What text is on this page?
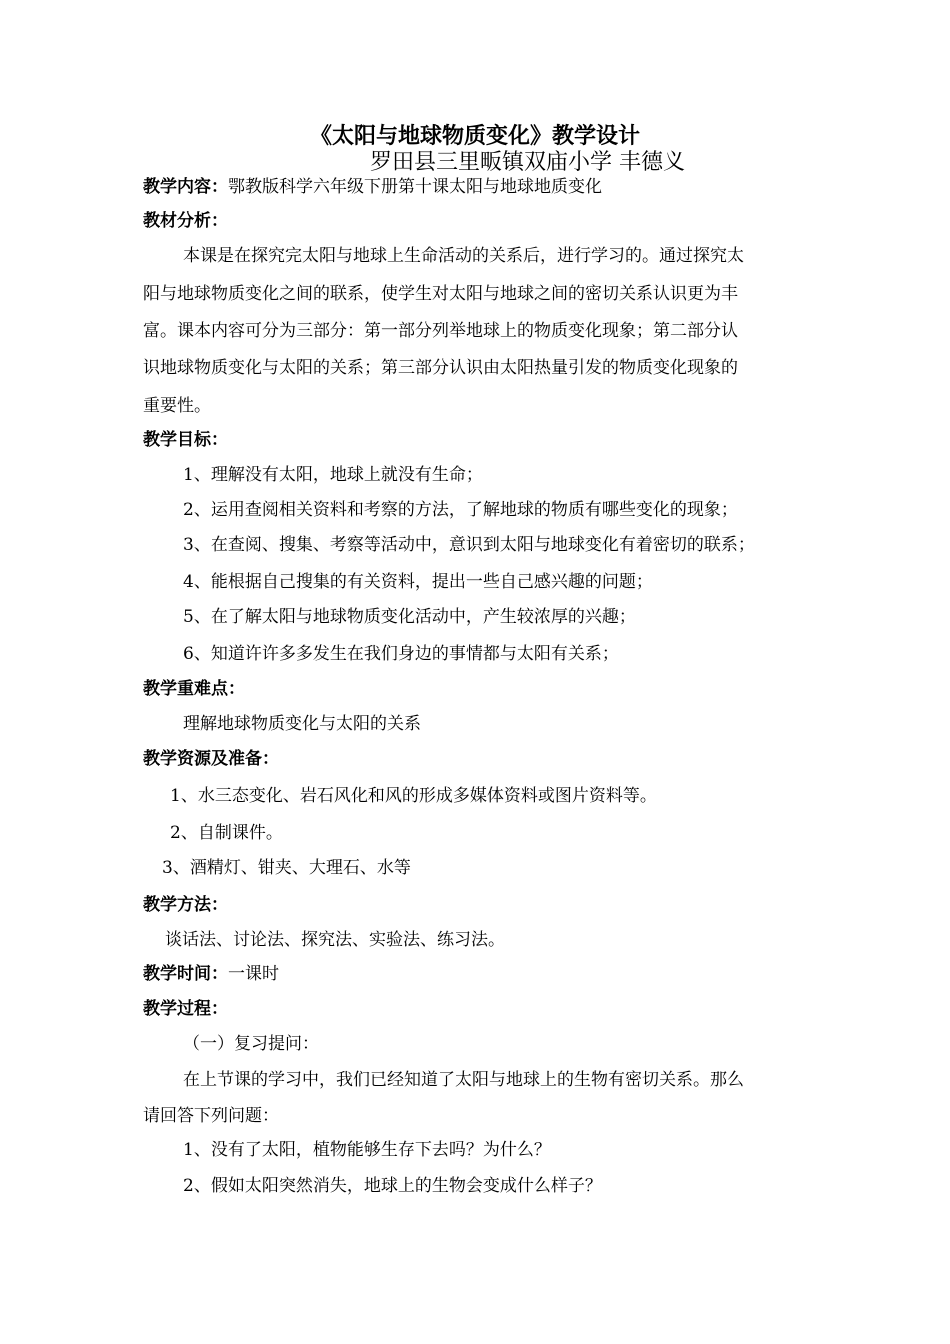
《太阳与地球物质变化》教学设计
罗田县三里畈镇双庙小学 丰德义
教学内容：鄂教版科学六年级下册第十课太阳与地球地质变化
教材分析：
本课是在探究完太阳与地球上生命活动的关系后，进行学习的。通过探究太
阳与地球物质变化之间的联系，使学生对太阳与地球之间的密切关系认识更为丰
富。课本内容可分为三部分：第一部分列举地球上的物质变化现象；第二部分认
识地球物质变化与太阳的关系；第三部分认识由太阳热量引发的物质变化现象的
重要性。
教学目标：
1、理解没有太阳，地球上就没有生命；
2、运用查阅相关资料和考察的方法，了解地球的物质有哪些变化的现象；
3、在查阅、搜集、考察等活动中，意识到太阳与地球变化有着密切的联系；
4、能根据自己搜集的有关资料，提出一些自己感兴趣的问题；
5、在了解太阳与地球物质变化活动中，产生较浓厚的兴趣；
6、知道许许多多发生在我们身边的事情都与太阳有关系；
教学重难点：
理解地球物质变化与太阳的关系
教学资源及准备：
1、水三态变化、岩石风化和风的形成多媒体资料或图片资料等。
2、自制课件。
3、酒精灯、钳夹、大理石、水等
教学方法：
谈话法、讨论法、探究法、实验法、练习法。
教学时间：一课时
教学过程：
（一）复习提问：
在上节课的学习中，我们已经知道了太阳与地球上的生物有密切关系。那么
请回答下列问题：
1、没有了太阳，植物能够生存下去吗？为什么？
2、假如太阳突然消失，地球上的生物会变成什么样子？
